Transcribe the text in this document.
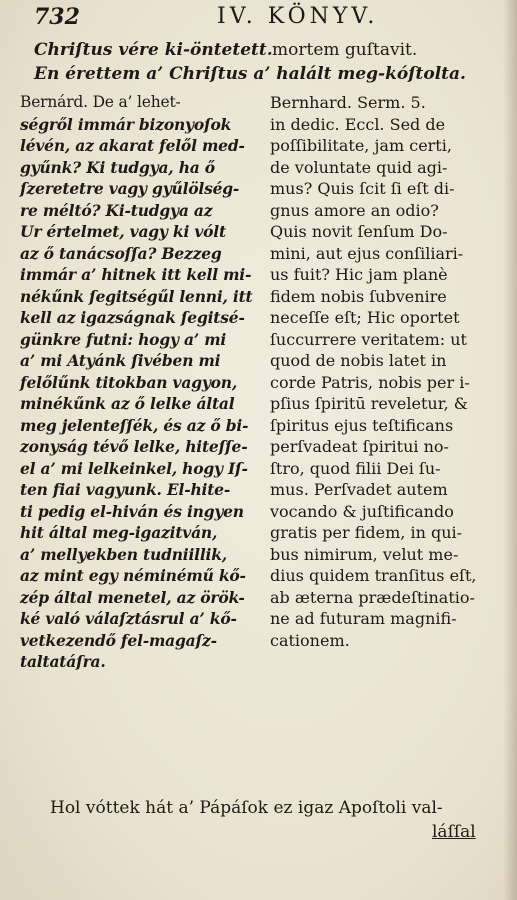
732	IV. KÖNYV.
Chriſtus vére ki-öntetett. mortem guſtavit.
En érettem a’ Chriſtus a’ halált meg-kóſtolta.
Bernárd. De a’ lehet-
ségről immár bizonyoſok
lévén, az akarat felől med-
gyűnk? Ki tudgya, ha ő
ſzeretetre vagy gyűlölség-
re méltó? Ki-tudgya az
Ur értelmet, vagy ki vólt
az ő tanácsoſſa? Bezzeg
immár a’ hitnek itt kell mi-
nékűnk ſegitségűl lenni, itt
kell az igazságnak ſegitsé-
günkre futni: hogy a’ mi
a’ mi Atyánk ſivében mi
felőlűnk titokban vagyon,
minékűnk az ő lelke által
meg jelenteſſék, és az ő bi-
zonyság tévő lelke, hiteſſe-
el a’ mi lelkeinkel, hogy Iſ-
ten fiai vagyunk. El-hite-
ti pedig el-hiván és ingyen
hit által meg-igazitván,
a’ mellyekben tudniillik,
az mint egy néminémű kő-
zép által menetel, az örök-
ké való válaſztásrul a’ kő-
vetkezendő fel-magaſz-
taltatáſra.
Bernhard. Serm. 5.
in dedic. Eccl. Sed de
poſſibilitate, jam certi,
de voluntate quid agi-
mus? Quis ſcit ſi eſt di-
gnus amore an odio?
Quis novit ſenſum Do-
mini, aut ejus conſiliari-
us fuit? Hic jam planè
fidem nobis ſubvenire
neceſſe eſt; Hic oportet
ſuccurrere veritatem: ut
quod de nobis latet in
corde Patris, nobis per i-
pſius ſpiritū reveletur, &
ſpiritus ejus teſtificans
perſvadeat ſpiritui no-
ſtro, quod filii Dei ſu-
mus. Perſvadet autem
vocando & juſtificando
gratis per fidem, in qui-
bus nimirum, velut me-
dius quidem tranſitus eſt,
ab æterna prædeſtinatio-
ne ad futuram magnifi-
cationem.
Hol vóttek hát a’ Pápáſok ez igaz Apoſtoli val-
láſſal
